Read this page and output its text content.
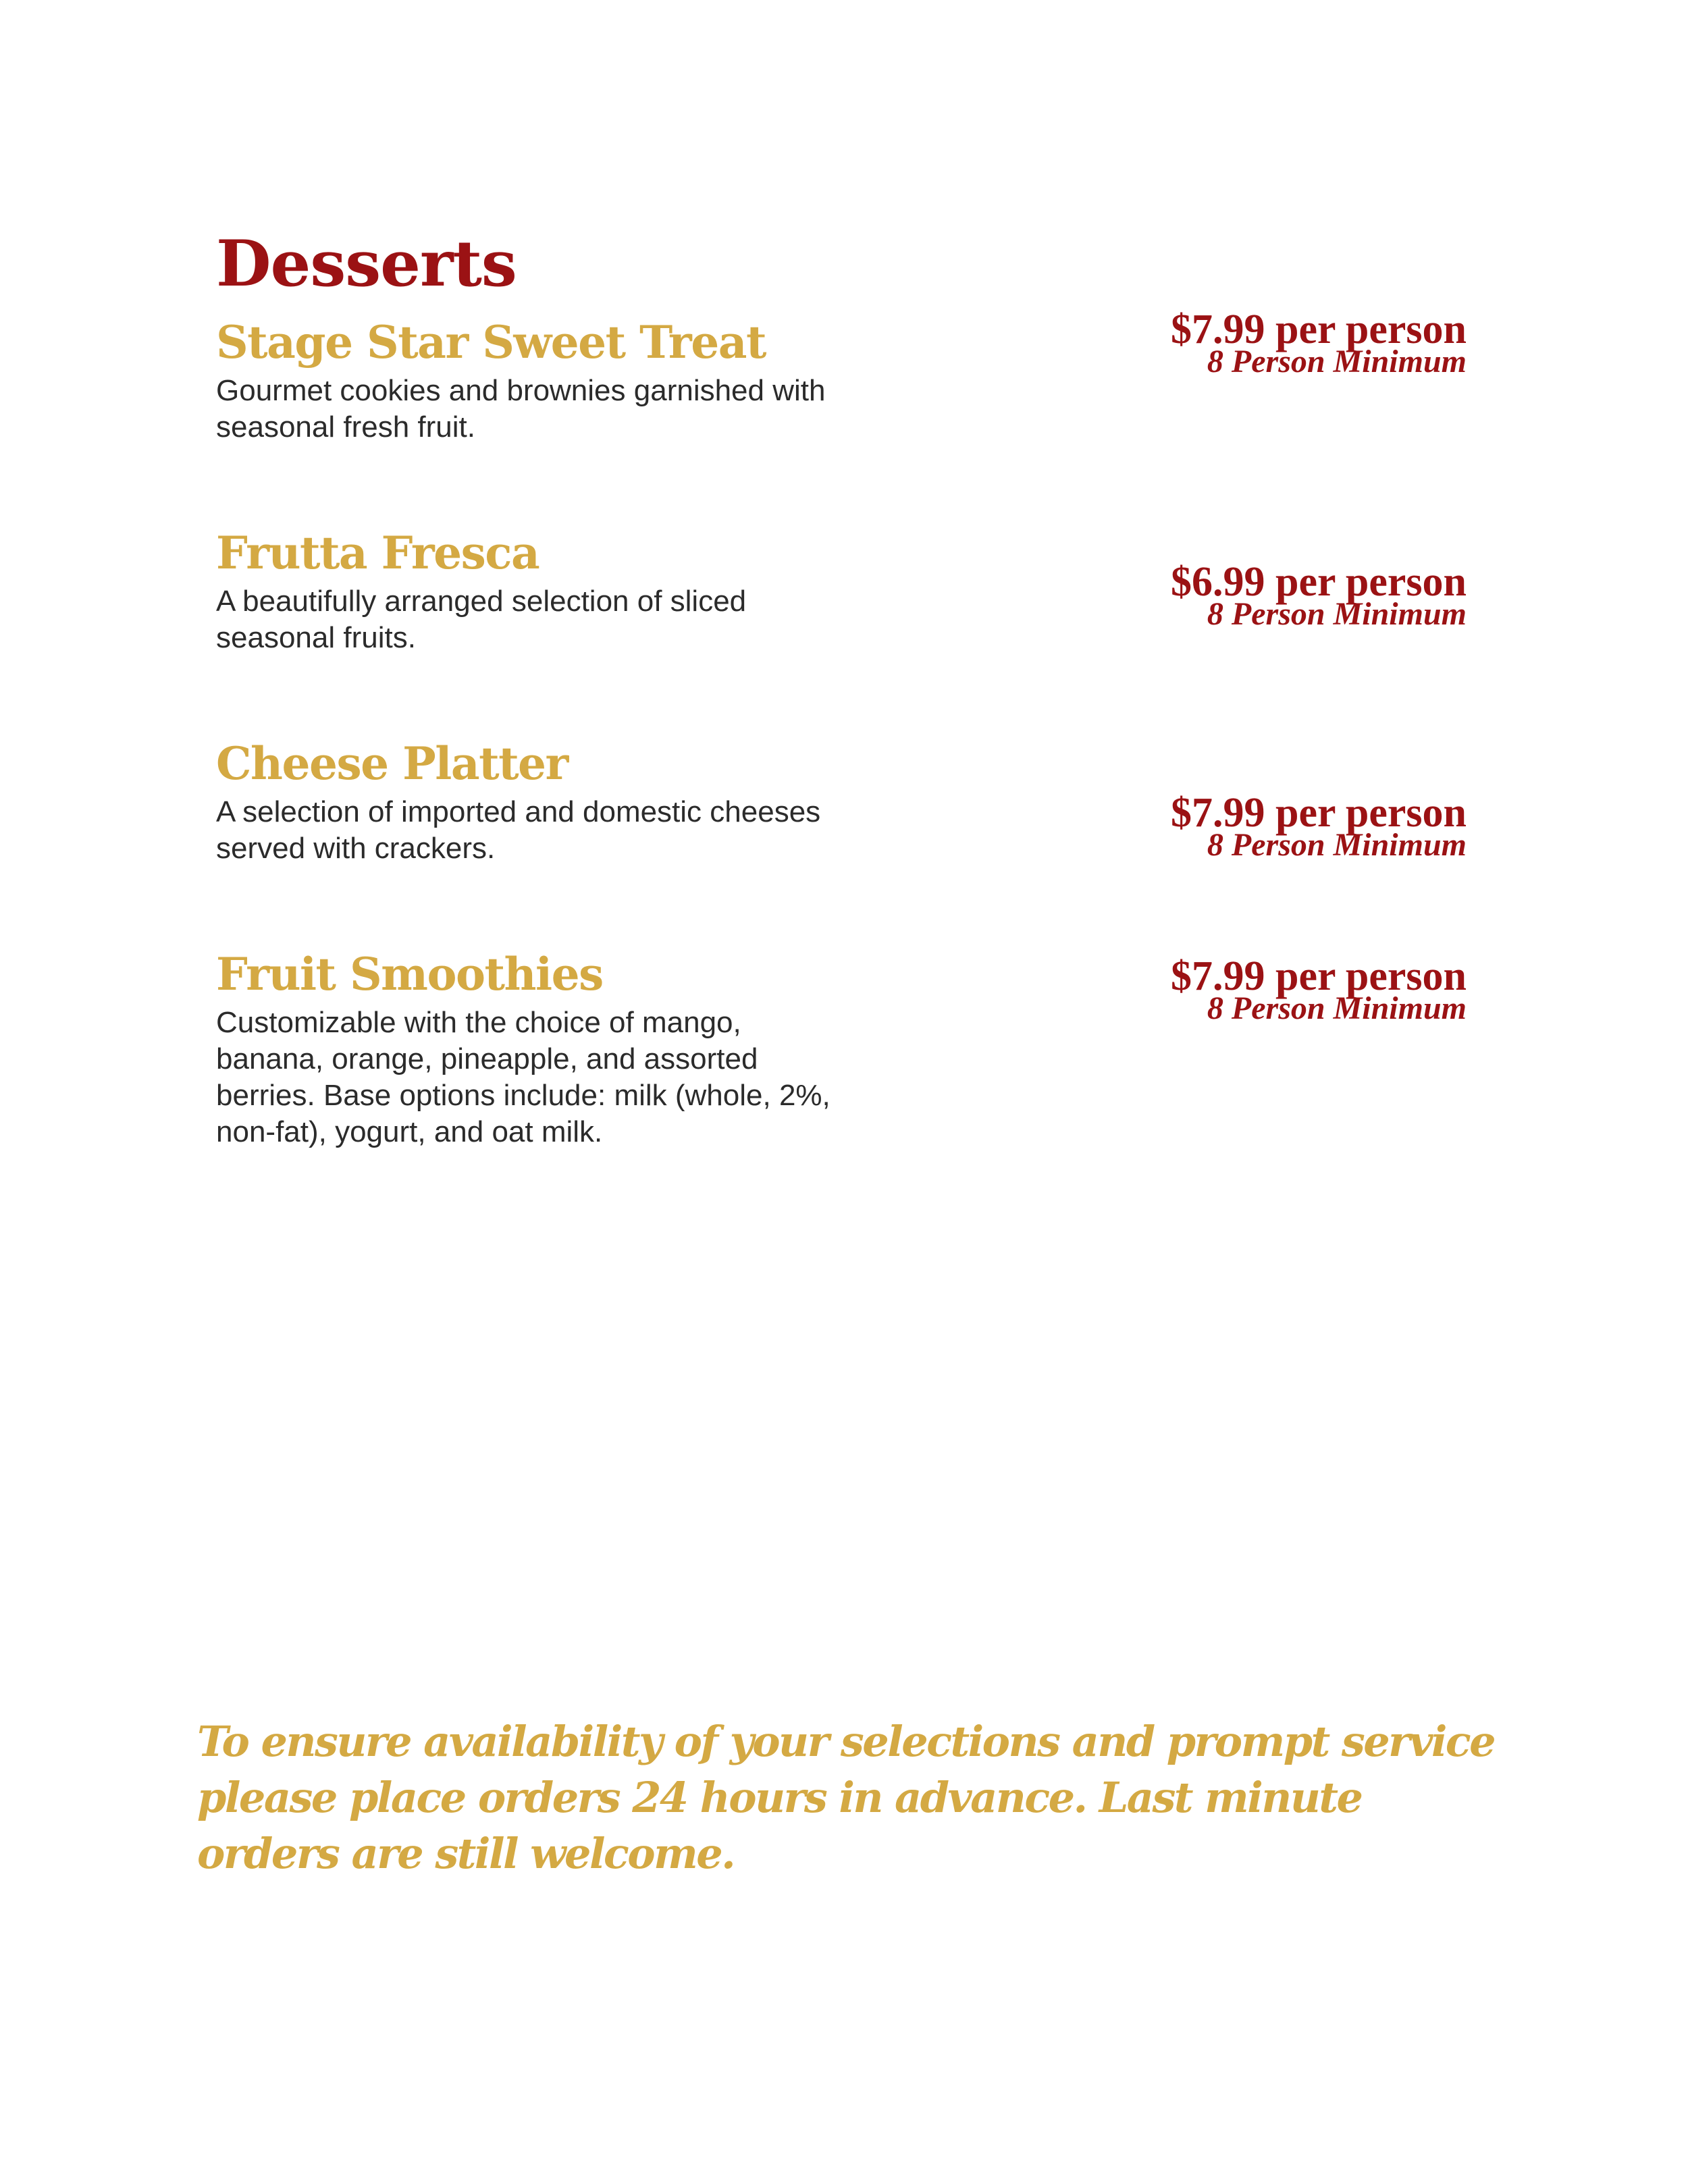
Desserts
Stage Star Sweet Treat

Gourmet cookies and brownies garnished with seasonal fresh fruit.

$7.99 per person
8 Person Minimum
Frutta Fresca

A beautifully arranged selection of sliced seasonal fruits.

$6.99 per person
8 Person Minimum
Cheese Platter

A selection of imported and domestic cheeses served with crackers.

$7.99 per person
8 Person Minimum
Fruit Smoothies

Customizable with the choice of mango, banana, orange, pineapple, and assorted berries. Base options include: milk (whole, 2%, non-fat), yogurt, and oat milk.

$7.99 per person
8 Person Minimum

To ensure availability of your selections and prompt service please place orders 24 hours in advance. Last minute orders are still welcome.
